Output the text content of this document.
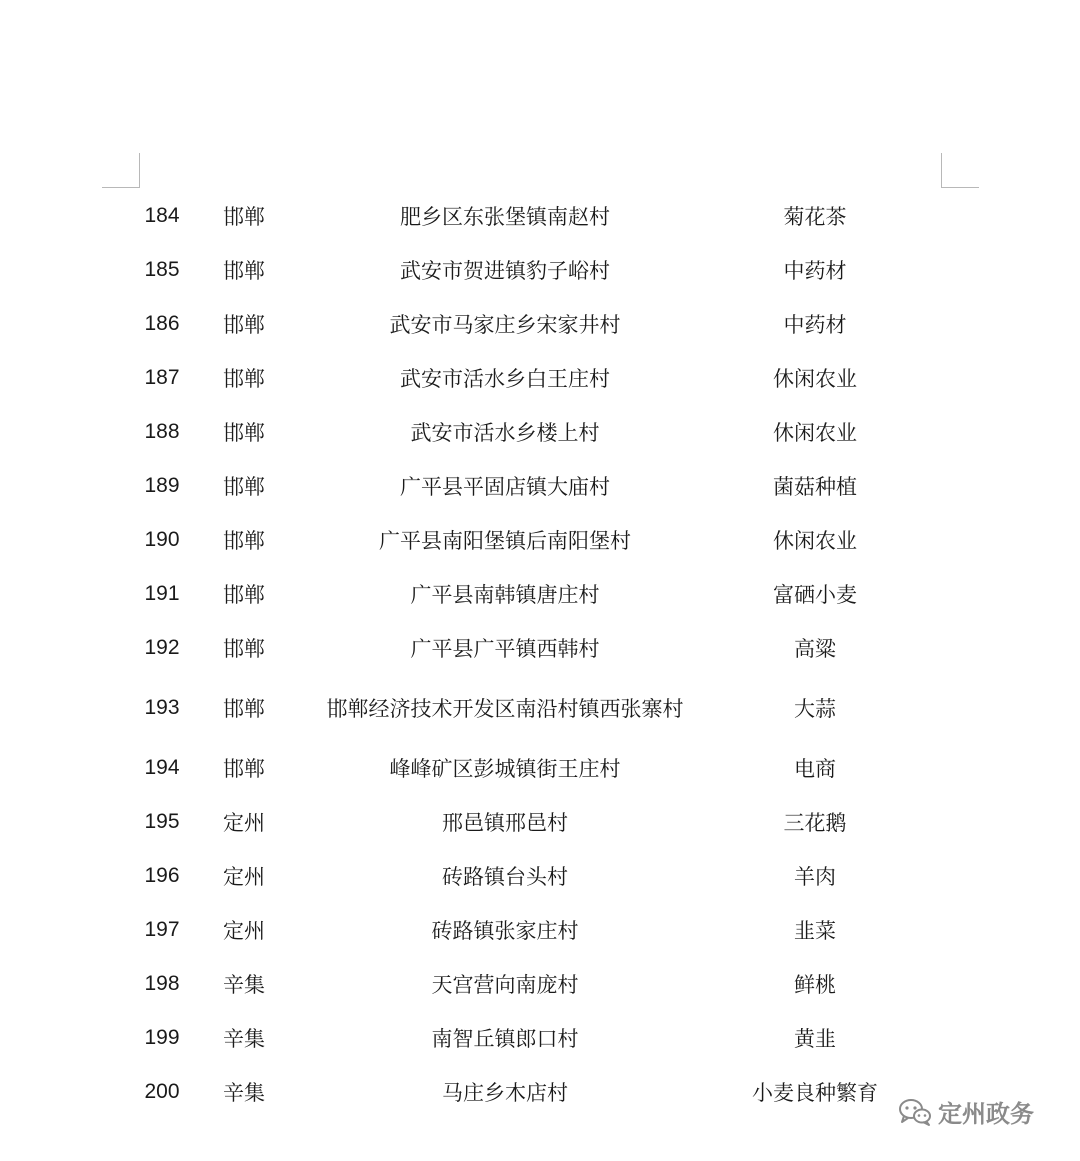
184	邯郸	肥乡区东张堡镇南赵村	菊花茶
185	邯郸	武安市贺进镇豹子峪村	中药材
186	邯郸	武安市马家庄乡宋家井村	中药材
187	邯郸	武安市活水乡白王庄村	休闲农业
188	邯郸	武安市活水乡楼上村	休闲农业
189	邯郸	广平县平固店镇大庙村	菌菇种植
190	邯郸	广平县南阳堡镇后南阳堡村	休闲农业
191	邯郸	广平县南韩镇唐庄村	富硒小麦
192	邯郸	广平县广平镇西韩村	高粱
193	邯郸	邯郸经济技术开发区南沿村镇西张寨村	大蒜
194	邯郸	峰峰矿区彭城镇街王庄村	电商
195	定州	邢邑镇邢邑村	三花鹅
196	定州	砖路镇台头村	羊肉
197	定州	砖路镇张家庄村	韭菜
198	辛集	天宫营向南庞村	鲜桃
199	辛集	南智丘镇郎口村	黄韭
200	辛集	马庄乡木店村	小麦良种繁育
定州政务
